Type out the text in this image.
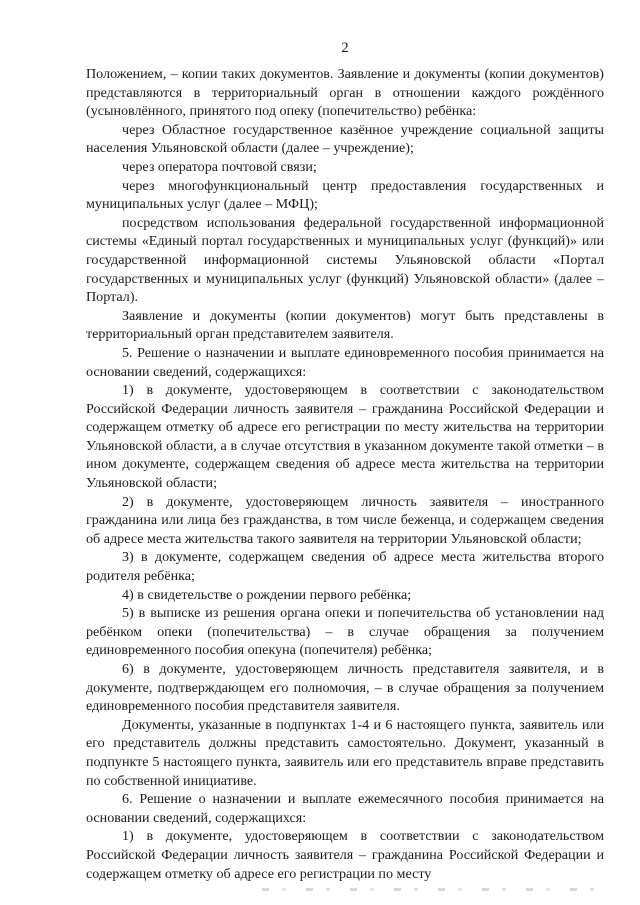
2

Положением, – копии таких документов. Заявление и документы (копии документов) представляются в территориальный орган в отношении каждого рождённого (усыновлённого, принятого под опеку (попечительство) ребёнка:

через Областное государственное казённое учреждение социальной защиты населения Ульяновской области (далее – учреждение);

через оператора почтовой связи;

через многофункциональный центр предоставления государственных и муниципальных услуг (далее – МФЦ);

посредством использования федеральной государственной информационной системы «Единый портал государственных и муниципальных услуг (функций)» или государственной информационной системы Ульяновской области «Портал государственных и муниципальных услуг (функций) Ульяновской области» (далее – Портал).

Заявление и документы (копии документов) могут быть представлены в территориальный орган представителем заявителя.

5. Решение о назначении и выплате единовременного пособия принимается на основании сведений, содержащихся:

1) в документе, удостоверяющем в соответствии с законодательством Российской Федерации личность заявителя – гражданина Российской Федерации и содержащем отметку об адресе его регистрации по месту жительства на территории Ульяновской области, а в случае отсутствия в указанном документе такой отметки – в ином документе, содержащем сведения об адресе места жительства на территории Ульяновской области;

2) в документе, удостоверяющем личность заявителя – иностранного гражданина или лица без гражданства, в том числе беженца, и содержащем сведения об адресе места жительства такого заявителя на территории Ульяновской области;

3) в документе, содержащем сведения об адресе места жительства второго родителя ребёнка;

4) в свидетельстве о рождении первого ребёнка;

5) в выписке из решения органа опеки и попечительства об установлении над ребёнком опеки (попечительства) – в случае обращения за получением единовременного пособия опекуна (попечителя) ребёнка;

6) в документе, удостоверяющем личность представителя заявителя, и в документе, подтверждающем его полномочия, – в случае обращения за получением единовременного пособия представителя заявителя.

Документы, указанные в подпунктах 1-4 и 6 настоящего пункта, заявитель или его представитель должны представить самостоятельно. Документ, указанный в подпункте 5 настоящего пункта, заявитель или его представитель вправе представить по собственной инициативе.

6. Решение о назначении и выплате ежемесячного пособия принимается на основании сведений, содержащихся:

1) в документе, удостоверяющем в соответствии с законодательством Российской Федерации личность заявителя – гражданина Российской Федерации и содержащем отметку об адресе его регистрации по месту
